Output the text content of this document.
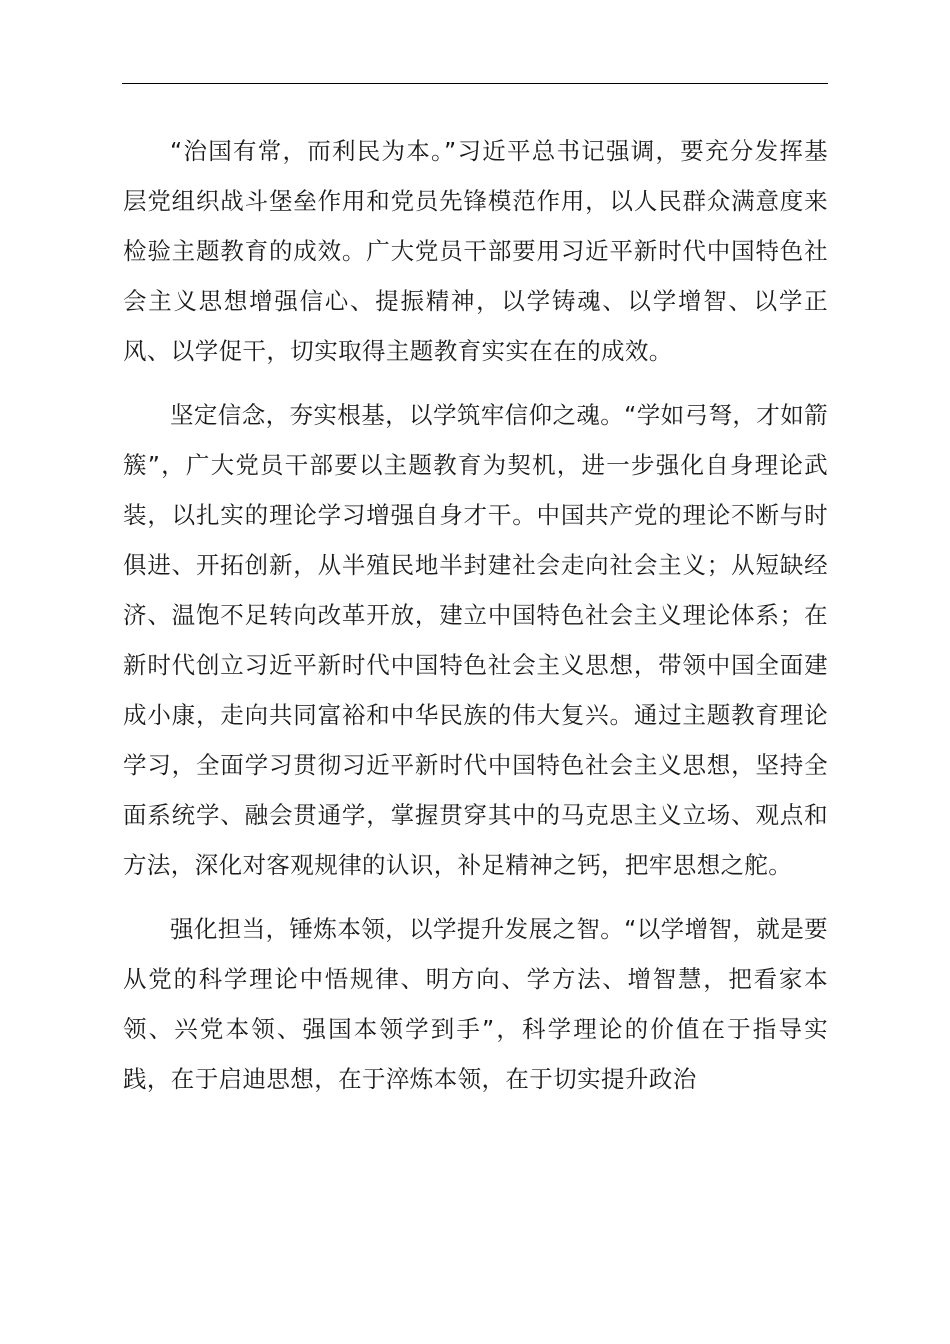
“治国有常，而利民为本。”习近平总书记强调，要充分发挥基层党组织战斗堡垒作用和党员先锋模范作用，以人民群众满意度来检验主题教育的成效。广大党员干部要用习近平新时代中国特色社会主义思想增强信心、提振精神，以学铸魂、以学增智、以学正风、以学促干，切实取得主题教育实实在在的成效。

坚定信念，夯实根基，以学筑牢信仰之魂。“学如弓弩，才如箭簇”，广大党员干部要以主题教育为契机，进一步强化自身理论武装，以扎实的理论学习增强自身才干。中国共产党的理论不断与时俱进、开拓创新，从半殖民地半封建社会走向社会主义；从短缺经济、温饱不足转向改革开放，建立中国特色社会主义理论体系；在新时代创立习近平新时代中国特色社会主义思想，带领中国全面建成小康，走向共同富裕和中华民族的伟大复兴。通过主题教育理论学习，全面学习贯彻习近平新时代中国特色社会主义思想，坚持全面系统学、融会贯通学，掌握贯穿其中的马克思主义立场、观点和方法，深化对客观规律的认识，补足精神之钙，把牢思想之舵。

强化担当，锤炼本领，以学提升发展之智。“以学增智，就是要从党的科学理论中悟规律、明方向、学方法、增智慧，把看家本领、兴党本领、强国本领学到手”，科学理论的价值在于指导实践，在于启迪思想，在于淬炼本领，在于切实提升政治
